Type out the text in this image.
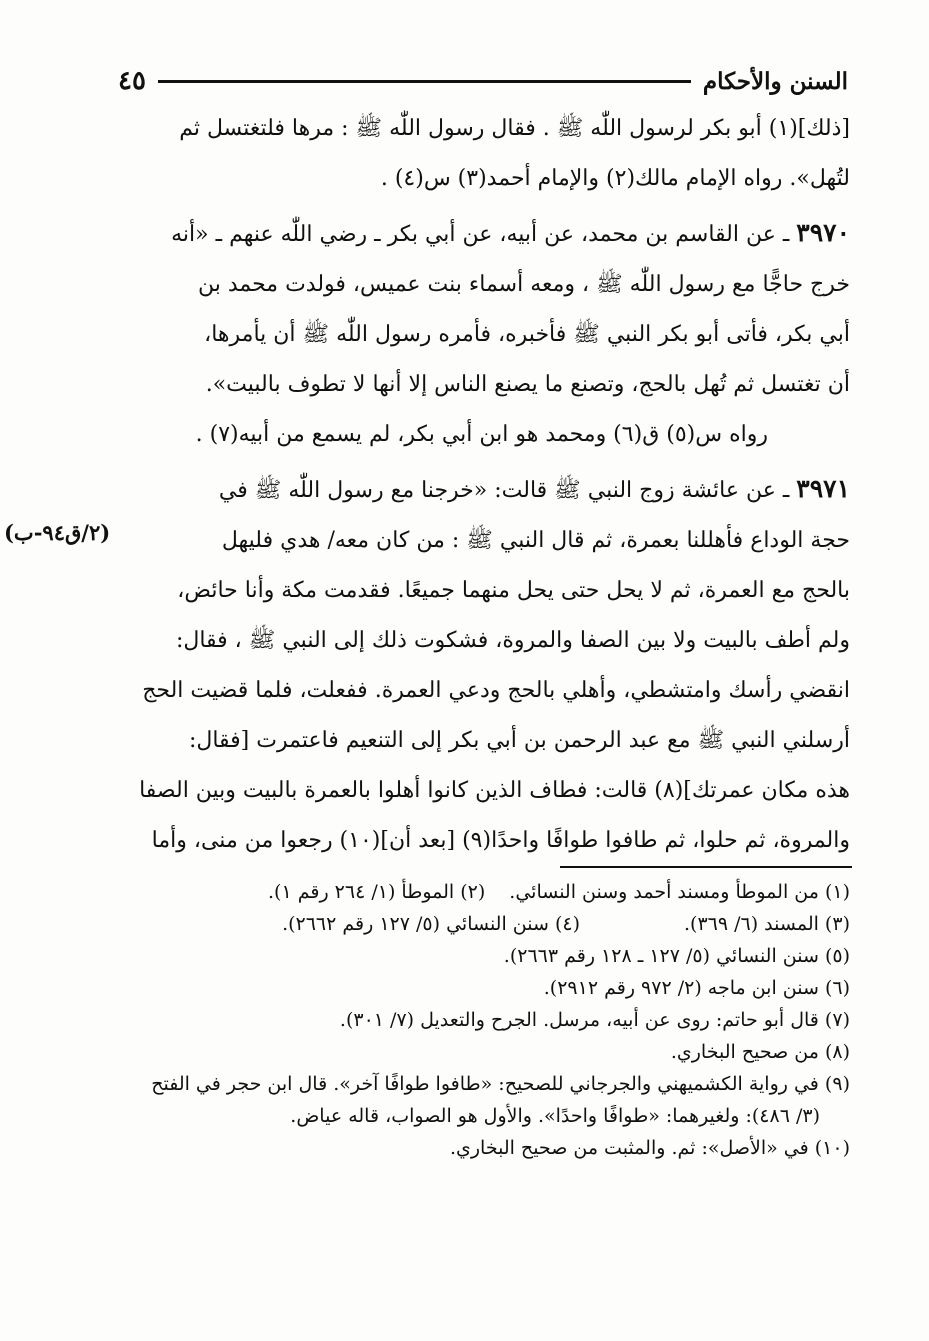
السنن والأحكام
٤٥
[ذلك](١) أبو بكر لرسول اللّٰه ﷺ . فقال رسول اللّٰه ﷺ : مرها فلتغتسل ثم
لتُهل». رواه الإمام مالك(٢) والإمام أحمد(٣) س(٤) .
٣٩٧٠ ـ عن القاسم بن محمد، عن أبيه، عن أبي بكر ـ رضي اللّٰه عنهم ـ «أنه
خرج حاجًّا مع رسول اللّٰه ﷺ ، ومعه أسماء بنت عميس، فولدت محمد بن
أبي بكر، فأتى أبو بكر النبي ﷺ فأخبره، فأمره رسول اللّٰه ﷺ أن يأمرها،
أن تغتسل ثم تُهل بالحج، وتصنع ما يصنع الناس إلا أنها لا تطوف بالبيت».
رواه س(٥) ق(٦) ومحمد هو ابن أبي بكر، لم يسمع من أبيه(٧) .
٣٩٧١ ـ عن عائشة زوج النبي ﷺ قالت: «خرجنا مع رسول اللّٰه ﷺ في
حجة الوداع فأهللنا بعمرة، ثم قال النبي ﷺ : من كان معه/ هدي فليهل
بالحج مع العمرة، ثم لا يحل حتى يحل منهما جميعًا. فقدمت مكة وأنا حائض،
ولم أطف بالبيت ولا بين الصفا والمروة، فشكوت ذلك إلى النبي ﷺ ، فقال:
انقضي رأسك وامتشطي، وأهلي بالحج ودعي العمرة. ففعلت، فلما قضيت الحج
أرسلني النبي ﷺ مع عبد الرحمن بن أبي بكر إلى التنعيم فاعتمرت [فقال:
هذه مكان عمرتك](٨) قالت: فطاف الذين كانوا أهلوا بالعمرة بالبيت وبين الصفا
والمروة، ثم حلوا، ثم طافوا طوافًا واحدًا(٩) [بعد أن](١٠) رجعوا من منى، وأما
(٢/ق٩٤-ب)
(١) من الموطأ ومسند أحمد وسنن النسائي.
(٢) الموطأ (١/ ٢٦٤ رقم ١).
(٣) المسند (٦/ ٣٦٩).
(٤) سنن النسائي (٥/ ١٢٧ رقم ٢٦٦٢).
(٥) سنن النسائي (٥/ ١٢٧ ـ ١٢٨ رقم ٢٦٦٣).
(٦) سنن ابن ماجه (٢/ ٩٧٢ رقم ٢٩١٢).
(٧) قال أبو حاتم: روى عن أبيه، مرسل. الجرح والتعديل (٧/ ٣٠١).
(٨) من صحيح البخاري.
(٩) في رواية الكشميهني والجرجاني للصحيح: «طافوا طوافًا آخر». قال ابن حجر في الفتح
(٣/ ٤٨٦): ولغيرهما: «طوافًا واحدًا». والأول هو الصواب، قاله عياض.
(١٠) في «الأصل»: ثم. والمثبت من صحيح البخاري.
